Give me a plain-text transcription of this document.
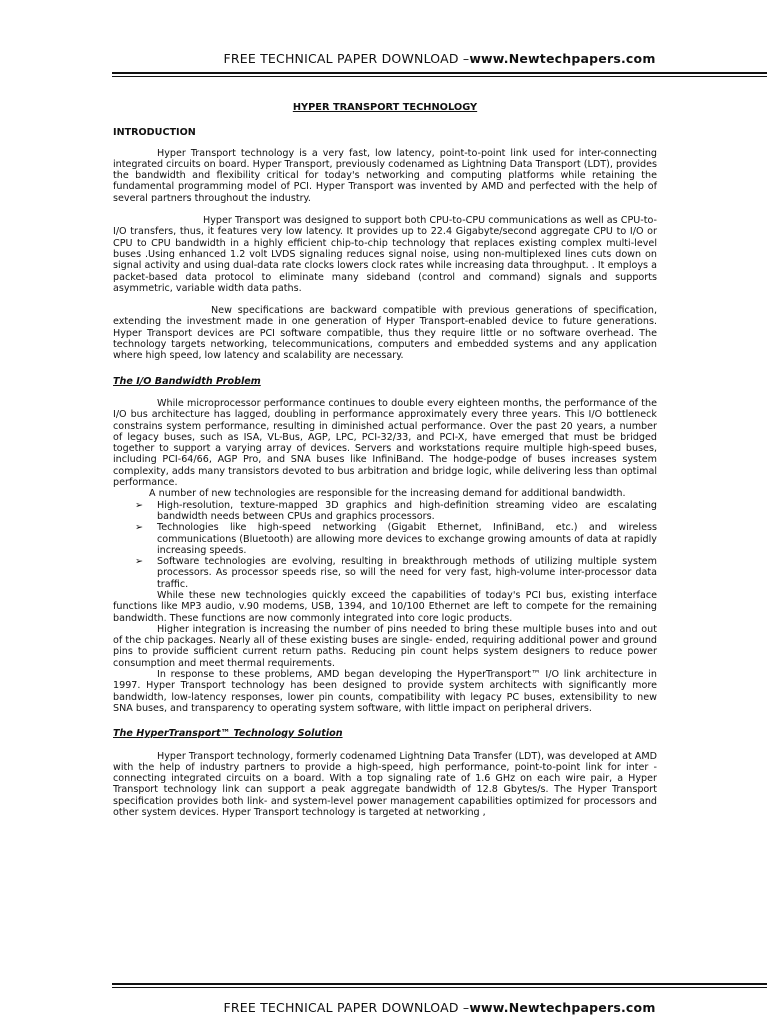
FREE TECHNICAL PAPER DOWNLOAD –www.Newtechpapers.com
HYPER TRANSPORT TECHNOLOGY
INTRODUCTION

Hyper Transport technology is a very fast, low latency, point-to-point link used for inter-connecting integrated circuits on board. Hyper Transport, previously codenamed as Lightning Data Transport (LDT), provides the bandwidth and flexibility critical for today's networking and computing platforms while retaining the fundamental programming model of PCI. Hyper Transport was invented by AMD and perfected with the help of several partners throughout the industry.

Hyper Transport was designed to support both CPU-to-CPU communications as well as CPU-to-I/O transfers, thus, it features very low latency. It provides up to 22.4 Gigabyte/second aggregate CPU to I/O or CPU to CPU bandwidth in a highly efficient chip-to-chip technology that replaces existing complex multi-level buses .Using enhanced 1.2 volt LVDS signaling reduces signal noise, using non-multiplexed lines cuts down on signal activity and using dual-data rate clocks lowers clock rates while increasing data throughput. . It employs a packet-based data protocol to eliminate many sideband (control and command) signals and supports asymmetric, variable width data paths.

New specifications are backward compatible with previous generations of specification, extending the investment made in one generation of Hyper Transport-enabled device to future generations. Hyper Transport devices are PCI software compatible, thus they require little or no software overhead. The technology targets networking, telecommunications, computers and embedded systems and any application where high speed, low latency and scalability are necessary.

The I/O Bandwidth Problem

While microprocessor performance continues to double every eighteen months, the performance of the I/O bus architecture has lagged, doubling in performance approximately every three years. This I/O bottleneck constrains system performance, resulting in diminished actual performance. Over the past 20 years, a number of legacy buses, such as ISA, VL-Bus, AGP, LPC, PCI-32/33, and PCI-X, have emerged that must be bridged together to support a varying array of devices. Servers and workstations require multiple high-speed buses, including PCI-64/66, AGP Pro, and SNA buses like InfiniBand. The hodge-podge of buses increases system complexity, adds many transistors devoted to bus arbitration and bridge logic, while delivering less than optimal performance.

A number of new technologies are responsible for the increasing demand for additional bandwidth.

➢ High-resolution, texture-mapped 3D graphics and high-definition streaming video are escalating bandwidth needs between CPUs and graphics processors.
➢ Technologies like high-speed networking (Gigabit Ethernet, InfiniBand, etc.) and wireless communications (Bluetooth) are allowing more devices to exchange growing amounts of data at rapidly increasing speeds.
➢ Software technologies are evolving, resulting in breakthrough methods of utilizing multiple system processors. As processor speeds rise, so will the need for very fast, high-volume inter-processor data traffic.

While these new technologies quickly exceed the capabilities of today's PCI bus, existing interface functions like MP3 audio, v.90 modems, USB, 1394, and 10/100 Ethernet are left to compete for the remaining bandwidth. These functions are now commonly integrated into core logic products.

Higher integration is increasing the number of pins needed to bring these multiple buses into and out of the chip packages. Nearly all of these existing buses are single- ended, requiring additional power and ground pins to provide sufficient current return paths. Reducing pin count helps system designers to reduce power consumption and meet thermal requirements.

In response to these problems, AMD began developing the HyperTransport™ I/O link architecture in 1997. Hyper Transport technology has been designed to provide system architects with significantly more bandwidth, low-latency responses, lower pin counts, compatibility with legacy PC buses, extensibility to new SNA buses, and transparency to operating system software, with little impact on peripheral drivers.

The HyperTransport™ Technology Solution

Hyper Transport technology, formerly codenamed Lightning Data Transfer (LDT), was developed at AMD with the help of industry partners to provide a high-speed, high performance, point-to-point link for inter -connecting integrated circuits on a board. With a top signaling rate of 1.6 GHz on each wire pair, a Hyper Transport technology link can support a peak aggregate bandwidth of 12.8 Gbytes/s. The Hyper Transport specification provides both link- and system-level power management capabilities optimized for processors and other system devices. Hyper Transport technology is targeted at networking ,

FREE TECHNICAL PAPER DOWNLOAD –www.Newtechpapers.com
